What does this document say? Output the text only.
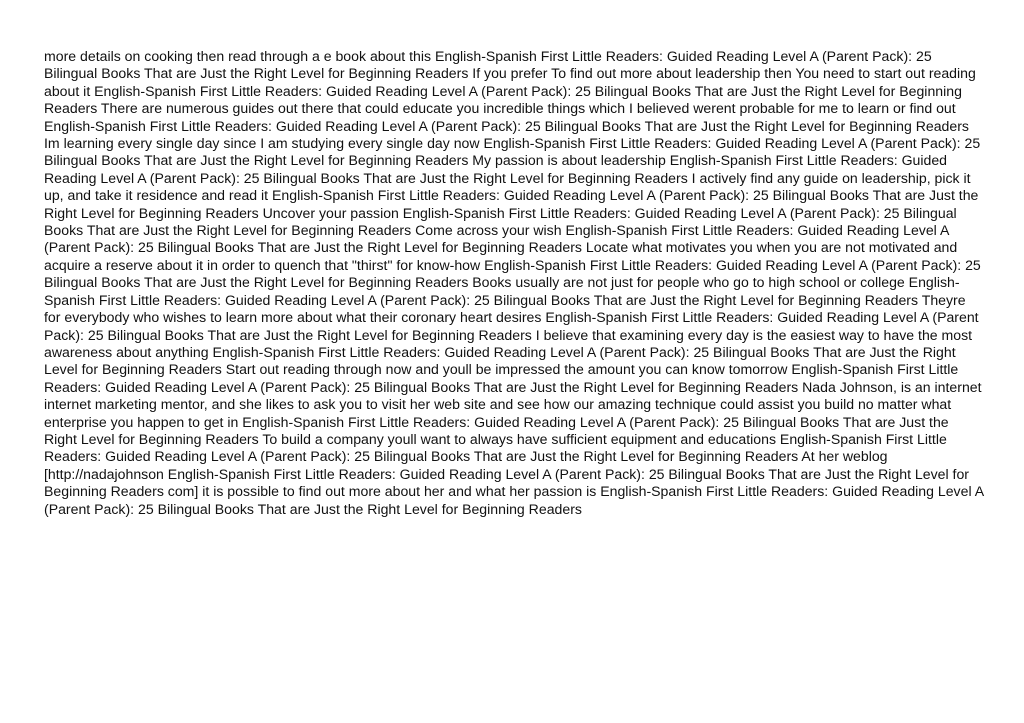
more details on cooking then read through a e book about this English-Spanish First Little Readers: Guided Reading Level A (Parent Pack): 25 Bilingual Books That are Just the Right Level for Beginning Readers If you prefer To find out more about leadership then You need to start out reading about it English-Spanish First Little Readers: Guided Reading Level A (Parent Pack): 25 Bilingual Books That are Just the Right Level for Beginning Readers There are numerous guides out there that could educate you incredible things which I believed werent probable for me to learn or find out English-Spanish First Little Readers: Guided Reading Level A (Parent Pack): 25 Bilingual Books That are Just the Right Level for Beginning Readers Im learning every single day since I am studying every single day now English-Spanish First Little Readers: Guided Reading Level A (Parent Pack): 25 Bilingual Books That are Just the Right Level for Beginning Readers My passion is about leadership English-Spanish First Little Readers: Guided Reading Level A (Parent Pack): 25 Bilingual Books That are Just the Right Level for Beginning Readers I actively find any guide on leadership, pick it up, and take it residence and read it English-Spanish First Little Readers: Guided Reading Level A (Parent Pack): 25 Bilingual Books That are Just the Right Level for Beginning Readers Uncover your passion English-Spanish First Little Readers: Guided Reading Level A (Parent Pack): 25 Bilingual Books That are Just the Right Level for Beginning Readers Come across your wish English-Spanish First Little Readers: Guided Reading Level A (Parent Pack): 25 Bilingual Books That are Just the Right Level for Beginning Readers Locate what motivates you when you are not motivated and acquire a reserve about it in order to quench that "thirst" for know-how English-Spanish First Little Readers: Guided Reading Level A (Parent Pack): 25 Bilingual Books That are Just the Right Level for Beginning Readers Books usually are not just for people who go to high school or college English-Spanish First Little Readers: Guided Reading Level A (Parent Pack): 25 Bilingual Books That are Just the Right Level for Beginning Readers Theyre for everybody who wishes to learn more about what their coronary heart desires English-Spanish First Little Readers: Guided Reading Level A (Parent Pack): 25 Bilingual Books That are Just the Right Level for Beginning Readers I believe that examining every day is the easiest way to have the most awareness about anything English-Spanish First Little Readers: Guided Reading Level A (Parent Pack): 25 Bilingual Books That are Just the Right Level for Beginning Readers Start out reading through now and youll be impressed the amount you can know tomorrow English-Spanish First Little Readers: Guided Reading Level A (Parent Pack): 25 Bilingual Books That are Just the Right Level for Beginning Readers Nada Johnson, is an internet internet marketing mentor, and she likes to ask you to visit her web site and see how our amazing technique could assist you build no matter what enterprise you happen to get in English-Spanish First Little Readers: Guided Reading Level A (Parent Pack): 25 Bilingual Books That are Just the Right Level for Beginning Readers To build a company youll want to always have sufficient equipment and educations English-Spanish First Little Readers: Guided Reading Level A (Parent Pack): 25 Bilingual Books That are Just the Right Level for Beginning Readers At her weblog [http://nadajohnson English-Spanish First Little Readers: Guided Reading Level A (Parent Pack): 25 Bilingual Books That are Just the Right Level for Beginning Readers com] it is possible to find out more about her and what her passion is English-Spanish First Little Readers: Guided Reading Level A (Parent Pack): 25 Bilingual Books That are Just the Right Level for Beginning Readers
